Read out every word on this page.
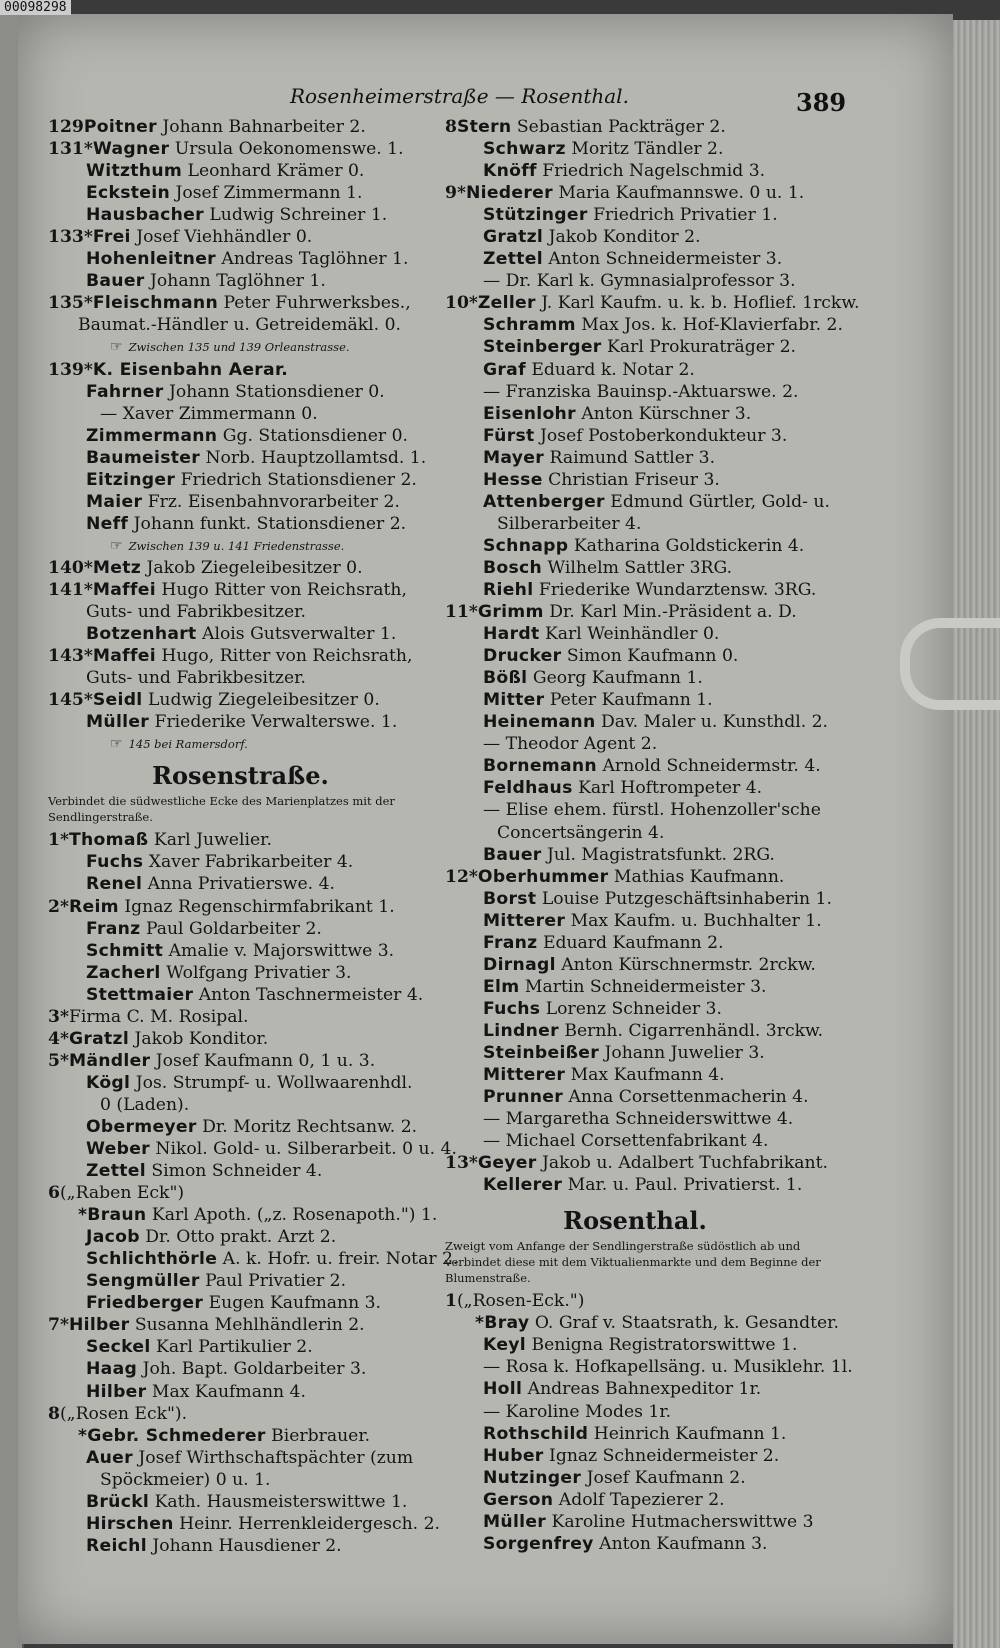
00098298
Rosenheimerstraße — Rosenthal.	389
129Poitner Johann Bahnarbeiter 2.
131*Wagner Ursula Oekonomenswe. 1.
Witzthum Leonhard Krämer 0.
Eckstein Josef Zimmermann 1.
Hausbacher Ludwig Schreiner 1.
133*Frei Josef Viehhändler 0.
Hohenleitner Andreas Taglöhner 1.
Bauer Johann Taglöhner 1.
135*Fleischmann Peter Fuhrwerksbes.,
Baumat.-Händler u. Getreidemäkl. 0.
☞ Zwischen 135 und 139 Orleanstrasse.
139*K. Eisenbahn Aerar.
Fahrner Johann Stationsdiener 0.
— Xaver Zimmermann 0.
Zimmermann Gg. Stationsdiener 0.
Baumeister Norb. Hauptzollamtsd. 1.
Eitzinger Friedrich Stationsdiener 2.
Maier Frz. Eisenbahnvorarbeiter 2.
Neff Johann funkt. Stationsdiener 2.
☞ Zwischen 139 u. 141 Friedenstrasse.
140*Metz Jakob Ziegeleibesitzer 0.
141*Maffei Hugo Ritter von Reichsrath,
Guts- und Fabrikbesitzer.
Botzenhart Alois Gutsverwalter 1.
143*Maffei Hugo, Ritter von Reichsrath,
Guts- und Fabrikbesitzer.
145*Seidl Ludwig Ziegeleibesitzer 0.
Müller Friederike Verwalterswe. 1.
☞ 145 bei Ramersdorf.
Rosenstraße.
Verbindet die südwestliche Ecke des Marienplatzes mit der Sendlingerstraße.
1*Thomaß Karl Juwelier.
Fuchs Xaver Fabrikarbeiter 4.
Renel Anna Privatierswe. 4.
2*Reim Ignaz Regenschirmfabrikant 1.
Franz Paul Goldarbeiter 2.
Schmitt Amalie v. Majorswittwe 3.
Zacherl Wolfgang Privatier 3.
Stettmaier Anton Taschnermeister 4.
3*Firma C. M. Rosipal.
4*Gratzl Jakob Konditor.
5*Mändler Josef Kaufmann 0, 1 u. 3.
Kögl Jos. Strumpf- u. Wollwaarenhdl.
0 (Laden).
Obermeyer Dr. Moritz Rechtsanw. 2.
Weber Nikol. Gold- u. Silberarbeit. 0 u. 4.
Zettel Simon Schneider 4.
6(„Raben Eck")
*Braun Karl Apoth. („z. Rosenapoth.") 1.
Jacob Dr. Otto prakt. Arzt 2.
Schlichthörle A. k. Hofr. u. freir. Notar 2.
Sengmüller Paul Privatier 2.
Friedberger Eugen Kaufmann 3.
7*Hilber Susanna Mehlhändlerin 2.
Seckel Karl Partikulier 2.
Haag Joh. Bapt. Goldarbeiter 3.
Hilber Max Kaufmann 4.
8(„Rosen Eck").
*Gebr. Schmederer Bierbrauer.
Auer Josef Wirthschaftspächter (zum
Spöckmeier) 0 u. 1.
Brückl Kath. Hausmeisterswittwe 1.
Hirschen Heinr. Herrenkleidergesch. 2.
Reichl Johann Hausdiener 2.
8Stern Sebastian Packträger 2.
Schwarz Moritz Tändler 2.
Knöff Friedrich Nagelschmid 3.
9*Niederer Maria Kaufmannswe. 0 u. 1.
Stützinger Friedrich Privatier 1.
Gratzl Jakob Konditor 2.
Zettel Anton Schneidermeister 3.
— Dr. Karl k. Gymnasialprofessor 3.
10*Zeller J. Karl Kaufm. u. k. b. Hoflief. 1rckw.
Schramm Max Jos. k. Hof-Klavierfabr. 2.
Steinberger Karl Prokuraträger 2.
Graf Eduard k. Notar 2.
— Franziska Bauinsp.-Aktuarswe. 2.
Eisenlohr Anton Kürschner 3.
Fürst Josef Postoberkondukteur 3.
Mayer Raimund Sattler 3.
Hesse Christian Friseur 3.
Attenberger Edmund Gürtler, Gold- u.
Silberarbeiter 4.
Schnapp Katharina Goldstickerin 4.
Bosch Wilhelm Sattler 3RG.
Riehl Friederike Wundarztensw. 3RG.
11*Grimm Dr. Karl Min.-Präsident a. D.
Hardt Karl Weinhändler 0.
Drucker Simon Kaufmann 0.
Bößl Georg Kaufmann 1.
Mitter Peter Kaufmann 1.
Heinemann Dav. Maler u. Kunsthdl. 2.
— Theodor Agent 2.
Bornemann Arnold Schneidermstr. 4.
Feldhaus Karl Hoftrompeter 4.
— Elise ehem. fürstl. Hohenzoller'sche
Concertsängerin 4.
Bauer Jul. Magistratsfunkt. 2RG.
12*Oberhummer Mathias Kaufmann.
Borst Louise Putzgeschäftsinhaberin 1.
Mitterer Max Kaufm. u. Buchhalter 1.
Franz Eduard Kaufmann 2.
Dirnagl Anton Kürschnermstr. 2rckw.
Elm Martin Schneidermeister 3.
Fuchs Lorenz Schneider 3.
Lindner Bernh. Cigarrenhändl. 3rckw.
Steinbeißer Johann Juwelier 3.
Mitterer Max Kaufmann 4.
Prunner Anna Corsettenmacherin 4.
— Margaretha Schneiderswittwe 4.
— Michael Corsettenfabrikant 4.
13*Geyer Jakob u. Adalbert Tuchfabrikant.
Kellerer Mar. u. Paul. Privatierst. 1.
Rosenthal.
Zweigt vom Anfange der Sendlingerstraße südöstlich ab und verbindet diese mit dem Viktualienmarkte und dem Beginne der Blumenstraße.
1(„Rosen-Eck.")
*Bray O. Graf v. Staatsrath, k. Gesandter.
Keyl Benigna Registratorswittwe 1.
— Rosa k. Hofkapellsäng. u. Musiklehr. 1l.
Holl Andreas Bahnexpeditor 1r.
— Karoline Modes 1r.
Rothschild Heinrich Kaufmann 1.
Huber Ignaz Schneidermeister 2.
Nutzinger Josef Kaufmann 2.
Gerson Adolf Tapezierer 2.
Müller Karoline Hutmacherswittwe 3
Sorgenfrey Anton Kaufmann 3.
